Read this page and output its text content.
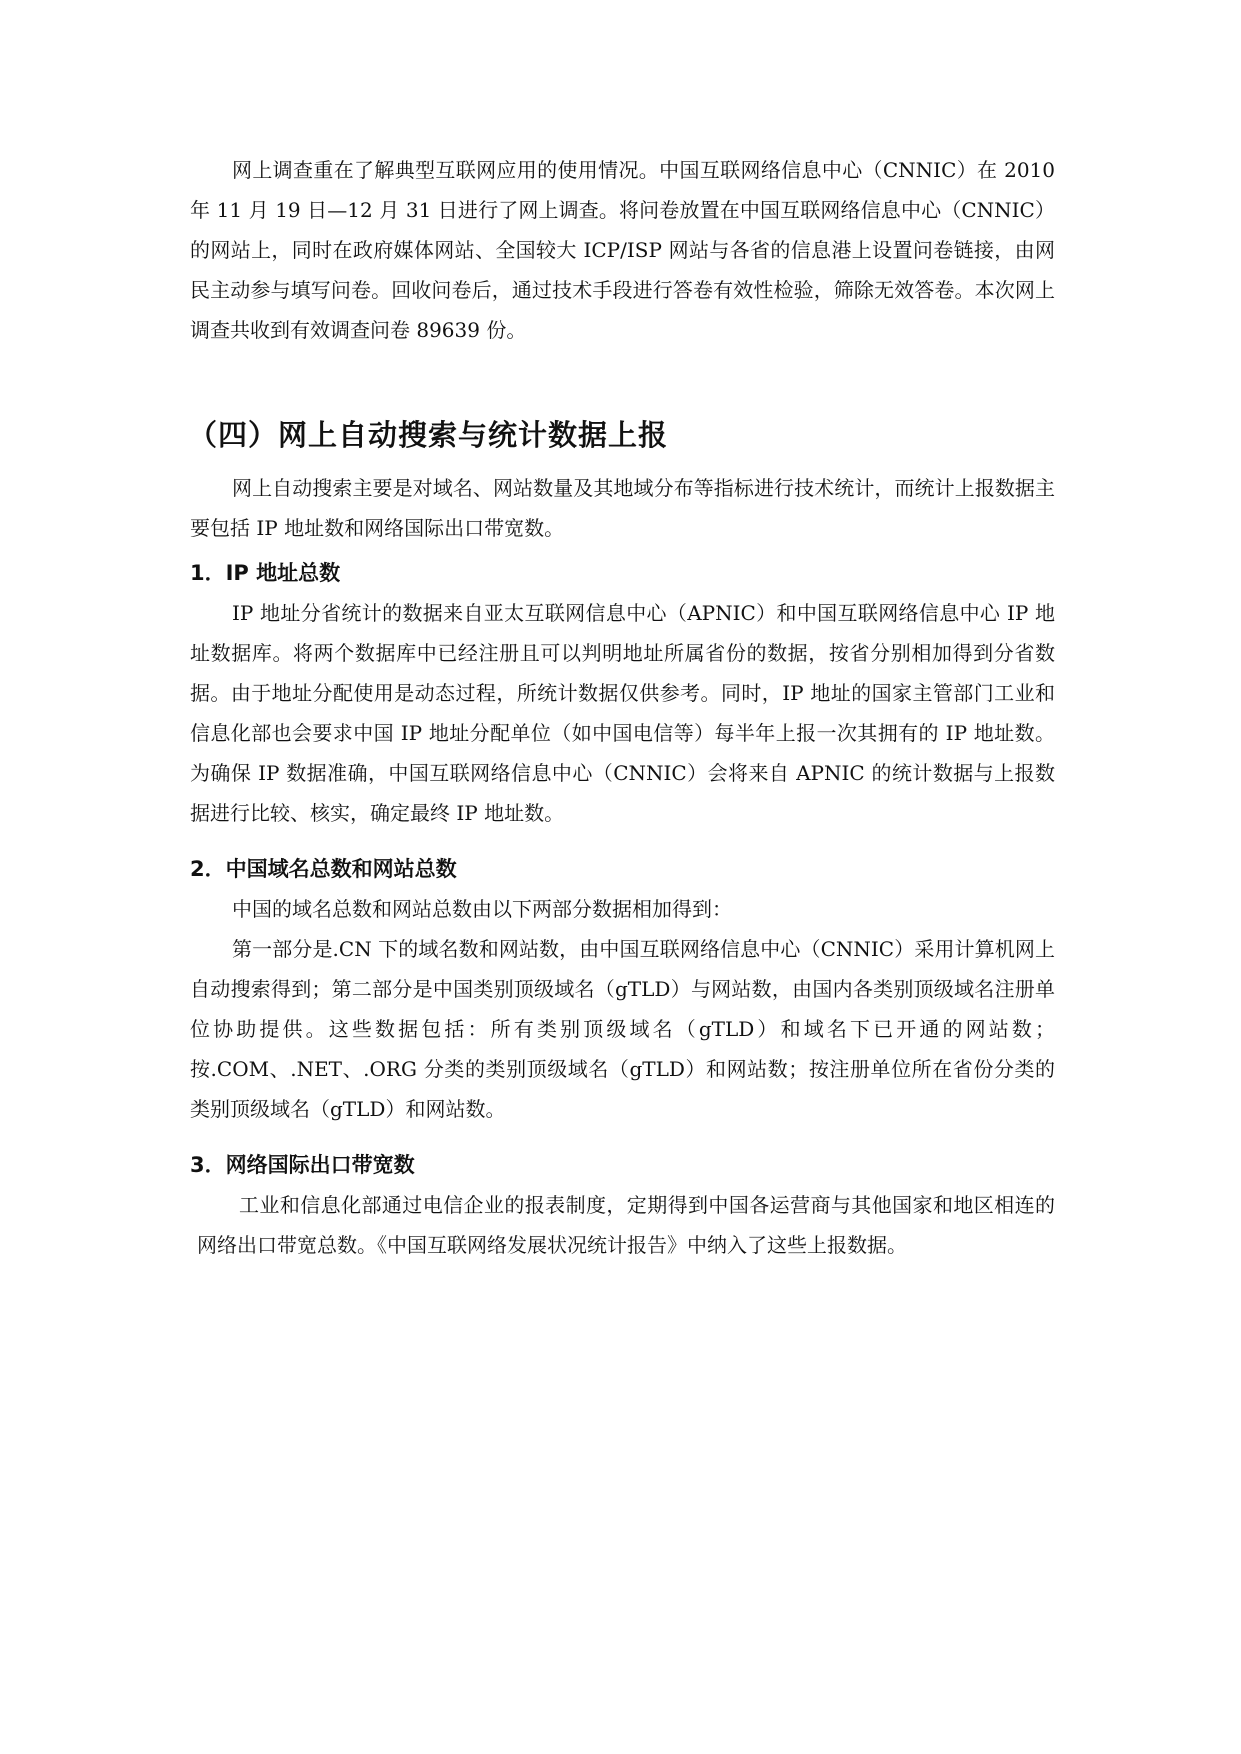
网上调查重在了解典型互联网应用的使用情况。中国互联网络信息中心（CNNIC）在 2010 年 11 月 19 日—12 月 31 日进行了网上调查。将问卷放置在中国互联网络信息中心（CNNIC）的网站上，同时在政府媒体网站、全国较大 ICP/ISP 网站与各省的信息港上设置问卷链接，由网民主动参与填写问卷。回收问卷后，通过技术手段进行答卷有效性检验，筛除无效答卷。本次网上调查共收到有效调查问卷 89639 份。

（四）网上自动搜索与统计数据上报

网上自动搜索主要是对域名、网站数量及其地域分布等指标进行技术统计，而统计上报数据主要包括 IP 地址数和网络国际出口带宽数。

1．IP 地址总数

IP 地址分省统计的数据来自亚太互联网信息中心（APNIC）和中国互联网络信息中心 IP 地址数据库。将两个数据库中已经注册且可以判明地址所属省份的数据，按省分别相加得到分省数据。由于地址分配使用是动态过程，所统计数据仅供参考。同时，IP 地址的国家主管部门工业和信息化部也会要求中国 IP 地址分配单位（如中国电信等）每半年上报一次其拥有的 IP 地址数。为确保 IP 数据准确，中国互联网络信息中心（CNNIC）会将来自 APNIC 的统计数据与上报数据进行比较、核实，确定最终 IP 地址数。

2．中国域名总数和网站总数

中国的域名总数和网站总数由以下两部分数据相加得到：

第一部分是.CN 下的域名数和网站数，由中国互联网络信息中心（CNNIC）采用计算机网上自动搜索得到；第二部分是中国类别顶级域名（gTLD）与网站数，由国内各类别顶级域名注册单位协助提供。这些数据包括：所有类别顶级域名（gTLD）和域名下已开通的网站数；按.COM、.NET、.ORG 分类的类别顶级域名（gTLD）和网站数；按注册单位所在省份分类的类别顶级域名（gTLD）和网站数。

3．网络国际出口带宽数

工业和信息化部通过电信企业的报表制度，定期得到中国各运营商与其他国家和地区相连的网络出口带宽总数。《中国互联网络发展状况统计报告》中纳入了这些上报数据。
